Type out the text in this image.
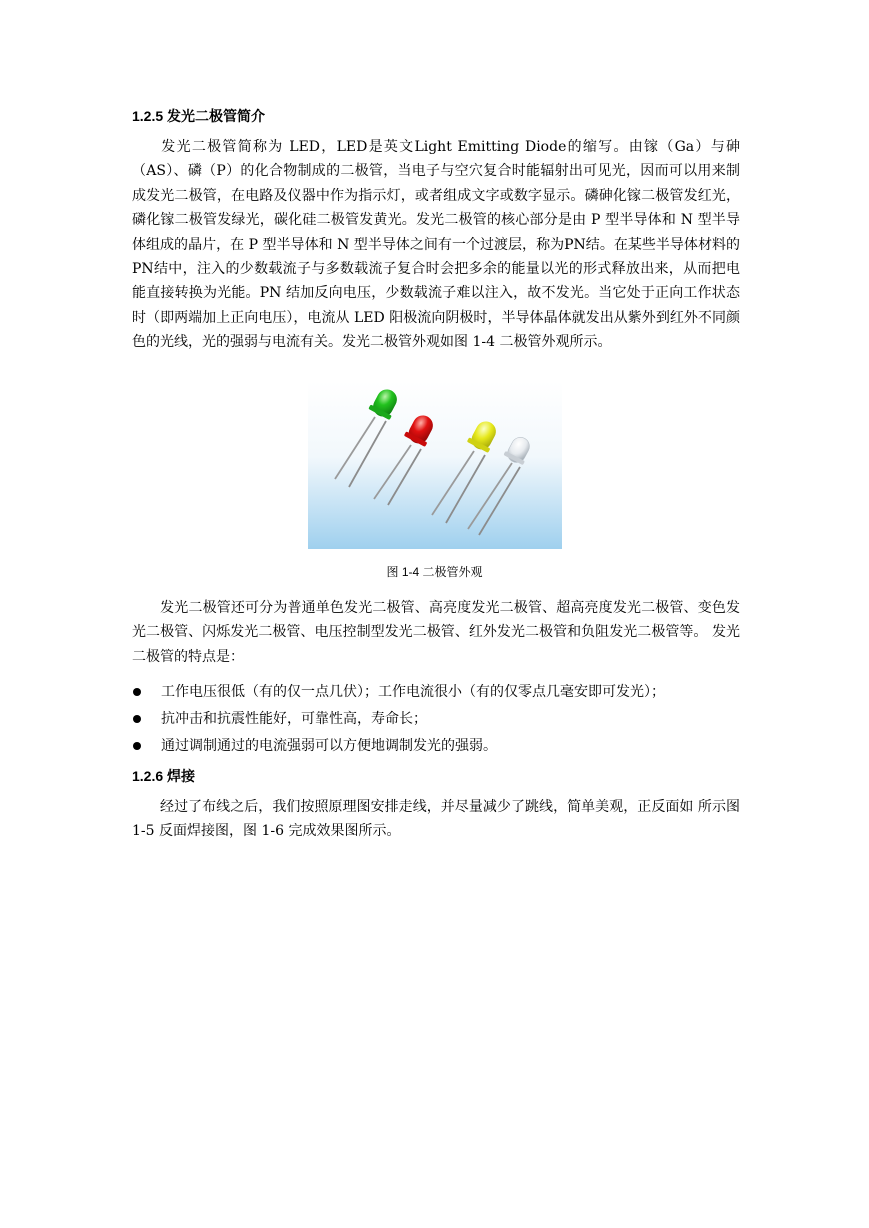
1.2.5 发光二极管简介

发光二极管简称为 LED，LED是英文Light Emitting Diode的缩写。由镓（Ga）与砷（AS）、磷（P）的化合物制成的二极管，当电子与空穴复合时能辐射出可见光，因而可以用来制成发光二极管，在电路及仪器中作为指示灯，或者组成文字或数字显示。磷砷化镓二极管发红光，磷化镓二极管发绿光，碳化硅二极管发黄光。发光二极管的核心部分是由 P 型半导体和 N 型半导体组成的晶片，在 P 型半导体和 N 型半导体之间有一个过渡层，称为PN结。在某些半导体材料的PN结中，注入的少数载流子与多数载流子复合时会把多余的能量以光的形式释放出来，从而把电能直接转换为光能。PN 结加反向电压，少数载流子难以注入，故不发光。当它处于正向工作状态时（即两端加上正向电压），电流从 LED 阳极流向阴极时，半导体晶体就发出从紫外到红外不同颜色的光线，光的强弱与电流有关。发光二极管外观如图 1-4 二极管外观所示。

图 1-4 二极管外观

发光二极管还可分为普通单色发光二极管、高亮度发光二极管、超高亮度发光二极管、变色发光二极管、闪烁发光二极管、电压控制型发光二极管、红外发光二极管和负阻发光二极管等。 发光二极管的特点是：

工作电压很低（有的仅一点几伏）；工作电流很小（有的仅零点几毫安即可发光）；
抗冲击和抗震性能好，可靠性高，寿命长；
通过调制通过的电流强弱可以方便地调制发光的强弱。
1.2.6 焊接

经过了布线之后，我们按照原理图安排走线，并尽量减少了跳线，简单美观，正反面如 所示图 1-5 反面焊接图，图 1-6 完成效果图所示。
